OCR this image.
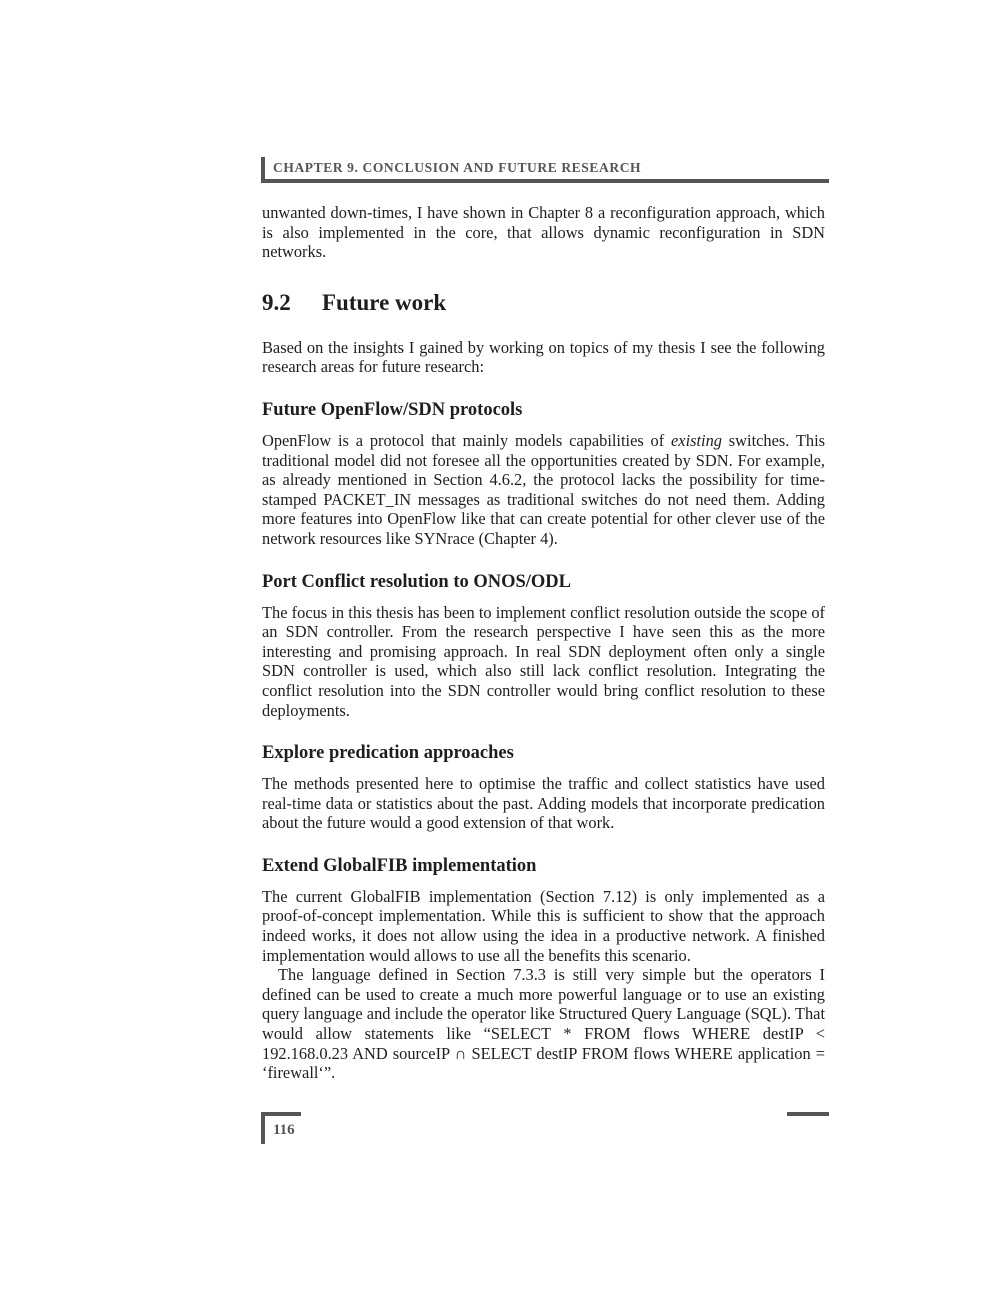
CHAPTER 9. CONCLUSION AND FUTURE RESEARCH

unwanted down-times, I have shown in Chapter 8 a reconfiguration approach, which is also implemented in the core, that allows dynamic reconfiguration in SDN networks.

9.2 Future work

Based on the insights I gained by working on topics of my thesis I see the following research areas for future research:

Future OpenFlow/SDN protocols

OpenFlow is a protocol that mainly models capabilities of existing switches. This traditional model did not foresee all the opportunities created by SDN. For example, as already mentioned in Section 4.6.2, the protocol lacks the possibility for time-stamped PACKET_IN messages as traditional switches do not need them. Adding more features into OpenFlow like that can create potential for other clever use of the network resources like SYNrace (Chapter 4).

Port Conflict resolution to ONOS/ODL

The focus in this thesis has been to implement conflict resolution outside the scope of an SDN controller. From the research perspective I have seen this as the more interesting and promising approach. In real SDN deployment often only a single SDN controller is used, which also still lack conflict resolution. Integrating the conflict resolution into the SDN controller would bring conflict resolution to these deployments.

Explore predication approaches

The methods presented here to optimise the traffic and collect statistics have used real-time data or statistics about the past. Adding models that incorporate predication about the future would a good extension of that work.

Extend GlobalFIB implementation

The current GlobalFIB implementation (Section 7.12) is only implemented as a proof-of-concept implementation. While this is sufficient to show that the approach indeed works, it does not allow using the idea in a productive network. A finished implementation would allows to use all the benefits this scenario.

The language defined in Section 7.3.3 is still very simple but the operators I defined can be used to create a much more powerful language or to use an existing query language and include the operator like Structured Query Language (SQL). That would allow statements like “SELECT * FROM flows WHERE destIP < 192.168.0.23 AND sourceIP ∩ SELECT destIP FROM flows WHERE application = ‘firewall‘”.

116
